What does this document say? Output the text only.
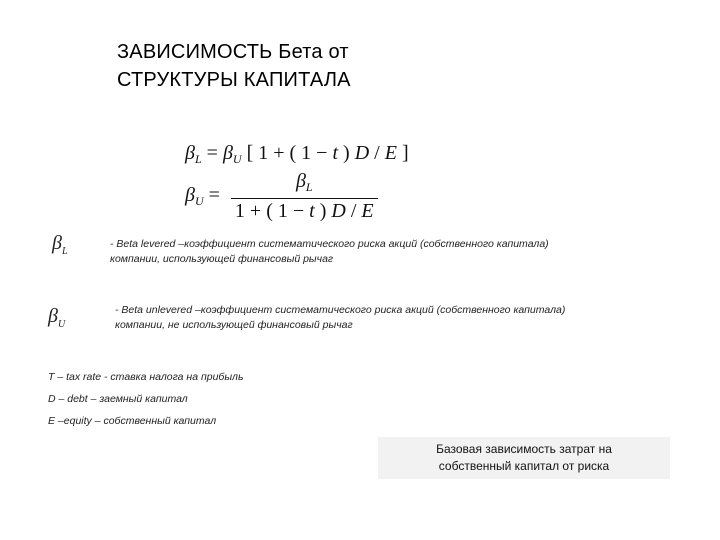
ЗАВИСИМОСТЬ Бета от
СТРУКТУРЫ КАПИТАЛА
$\beta_L = \beta_U$ [ 1 + ( 1 − t ) D / E ]
$\beta_U = \frac{\beta_L}{1 + ( 1 - t ) D / E}$
$\beta_L$
- Beta levered –коэффициент систематического риска акций (собственного капитала)
компании, использующей финансовый рычаг
$\beta_U$
- Beta unlevered –коэффициент систематического риска акций (собственного капитала)
компании, не использующей финансовый рычаг
T – tax rate - ставка налога на прибыль
D – debt – заемный капитал
E –equity – собственный капитал
Базовая зависимость затрат на
собственный капитал от риска
